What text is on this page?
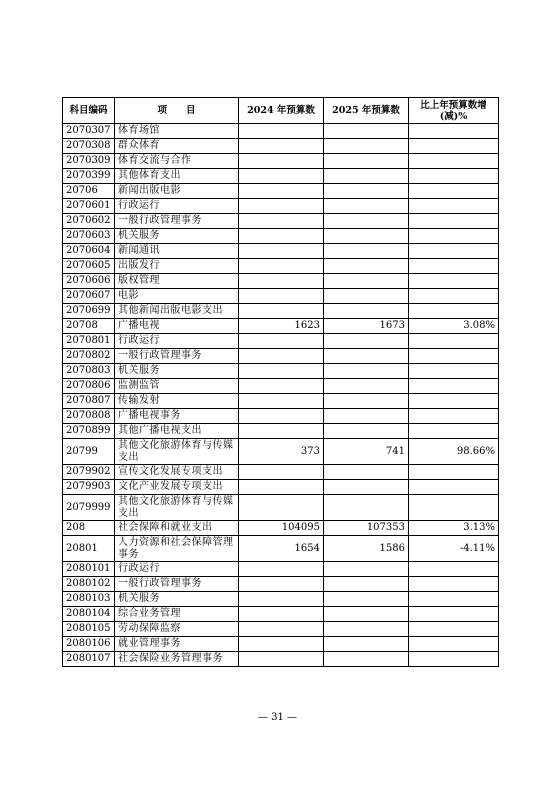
科目编码	项　　目	2024 年预算数	2025 年预算数	比上年预算数增(减)%
2070307	体育场馆			
2070308	群众体育			
2070309	体育交流与合作			
2070399	其他体育支出			
20706	新闻出版电影			
2070601	行政运行			
2070602	一般行政管理事务			
2070603	机关服务			
2070604	新闻通讯			
2070605	出版发行			
2070606	版权管理			
2070607	电影			
2070699	其他新闻出版电影支出			
20708	广播电视	1623	1673	3.08%
2070801	行政运行			
2070802	一般行政管理事务			
2070803	机关服务			
2070806	监测监管			
2070807	传输发射			
2070808	广播电视事务			
2070899	其他广播电视支出			
20799	其他文化旅游体育与传媒支出	373	741	98.66%
2079902	宣传文化发展专项支出			
2079903	文化产业发展专项支出			
2079999	其他文化旅游体育与传媒支出			
208	社会保障和就业支出	104095	107353	3.13%
20801	人力资源和社会保障管理事务	1654	1586	-4.11%
2080101	行政运行			
2080102	一般行政管理事务			
2080103	机关服务			
2080104	综合业务管理			
2080105	劳动保障监察			
2080106	就业管理事务			
2080107	社会保险业务管理事务			
— 31 —
